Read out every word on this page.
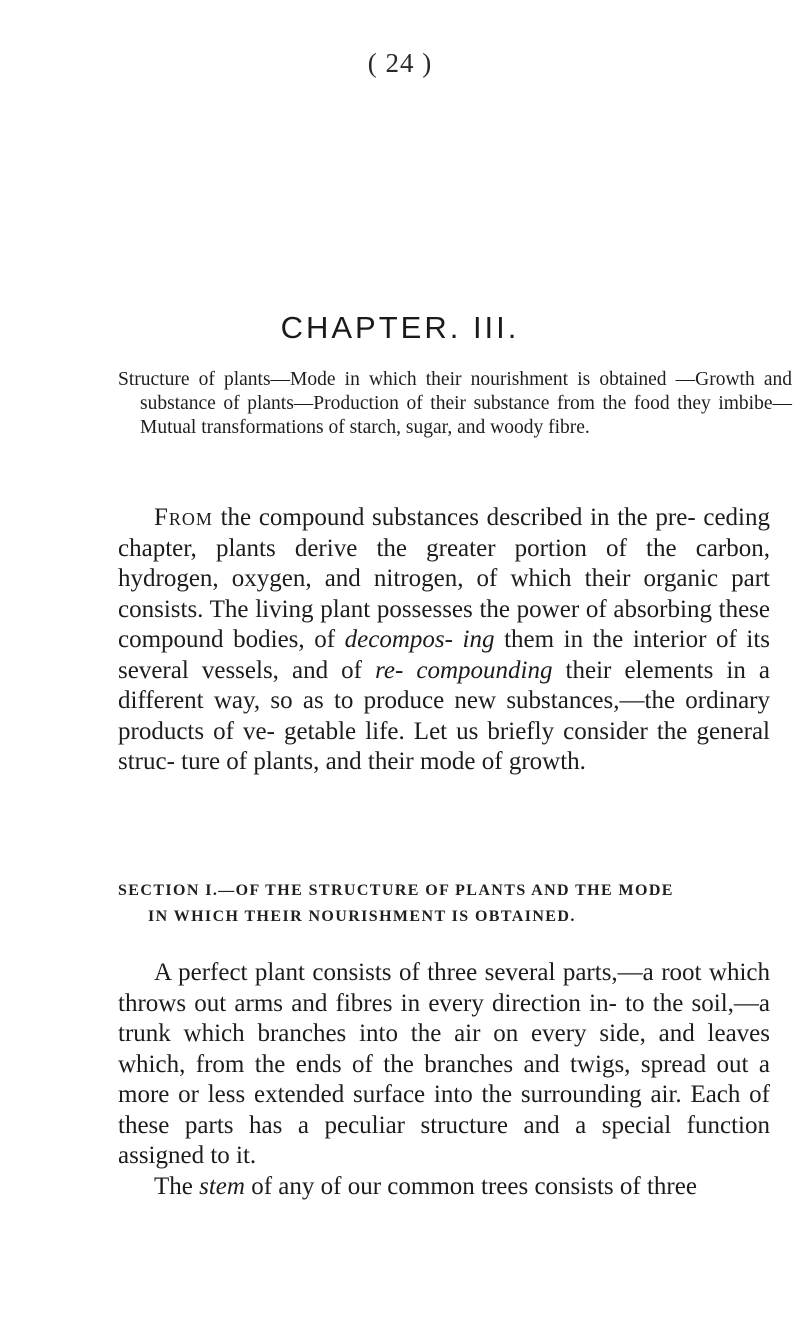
( 24 )
CHAPTER. III.
Structure of plants—Mode in which their nourishment is obtained —Growth and substance of plants—Production of their substance from the food they imbibe—Mutual transformations of starch, sugar, and woody fibre.
From the compound substances described in the pre- ceding chapter, plants derive the greater portion of the carbon, hydrogen, oxygen, and nitrogen, of which their organic part consists. The living plant possesses the power of absorbing these compound bodies, of decompos- ing them in the interior of its several vessels, and of re- compounding their elements in a different way, so as to produce new substances,—the ordinary products of ve- getable life. Let us briefly consider the general struc- ture of plants, and their mode of growth.
SECTION I.—OF THE STRUCTURE OF PLANTS AND THE MODE
IN WHICH THEIR NOURISHMENT IS OBTAINED.
A perfect plant consists of three several parts,—a root which throws out arms and fibres in every direction in- to the soil,—a trunk which branches into the air on every side, and leaves which, from the ends of the branches and twigs, spread out a more or less extended surface into the surrounding air. Each of these parts has a peculiar structure and a special function assigned to it.
The stem of any of our common trees consists of three
